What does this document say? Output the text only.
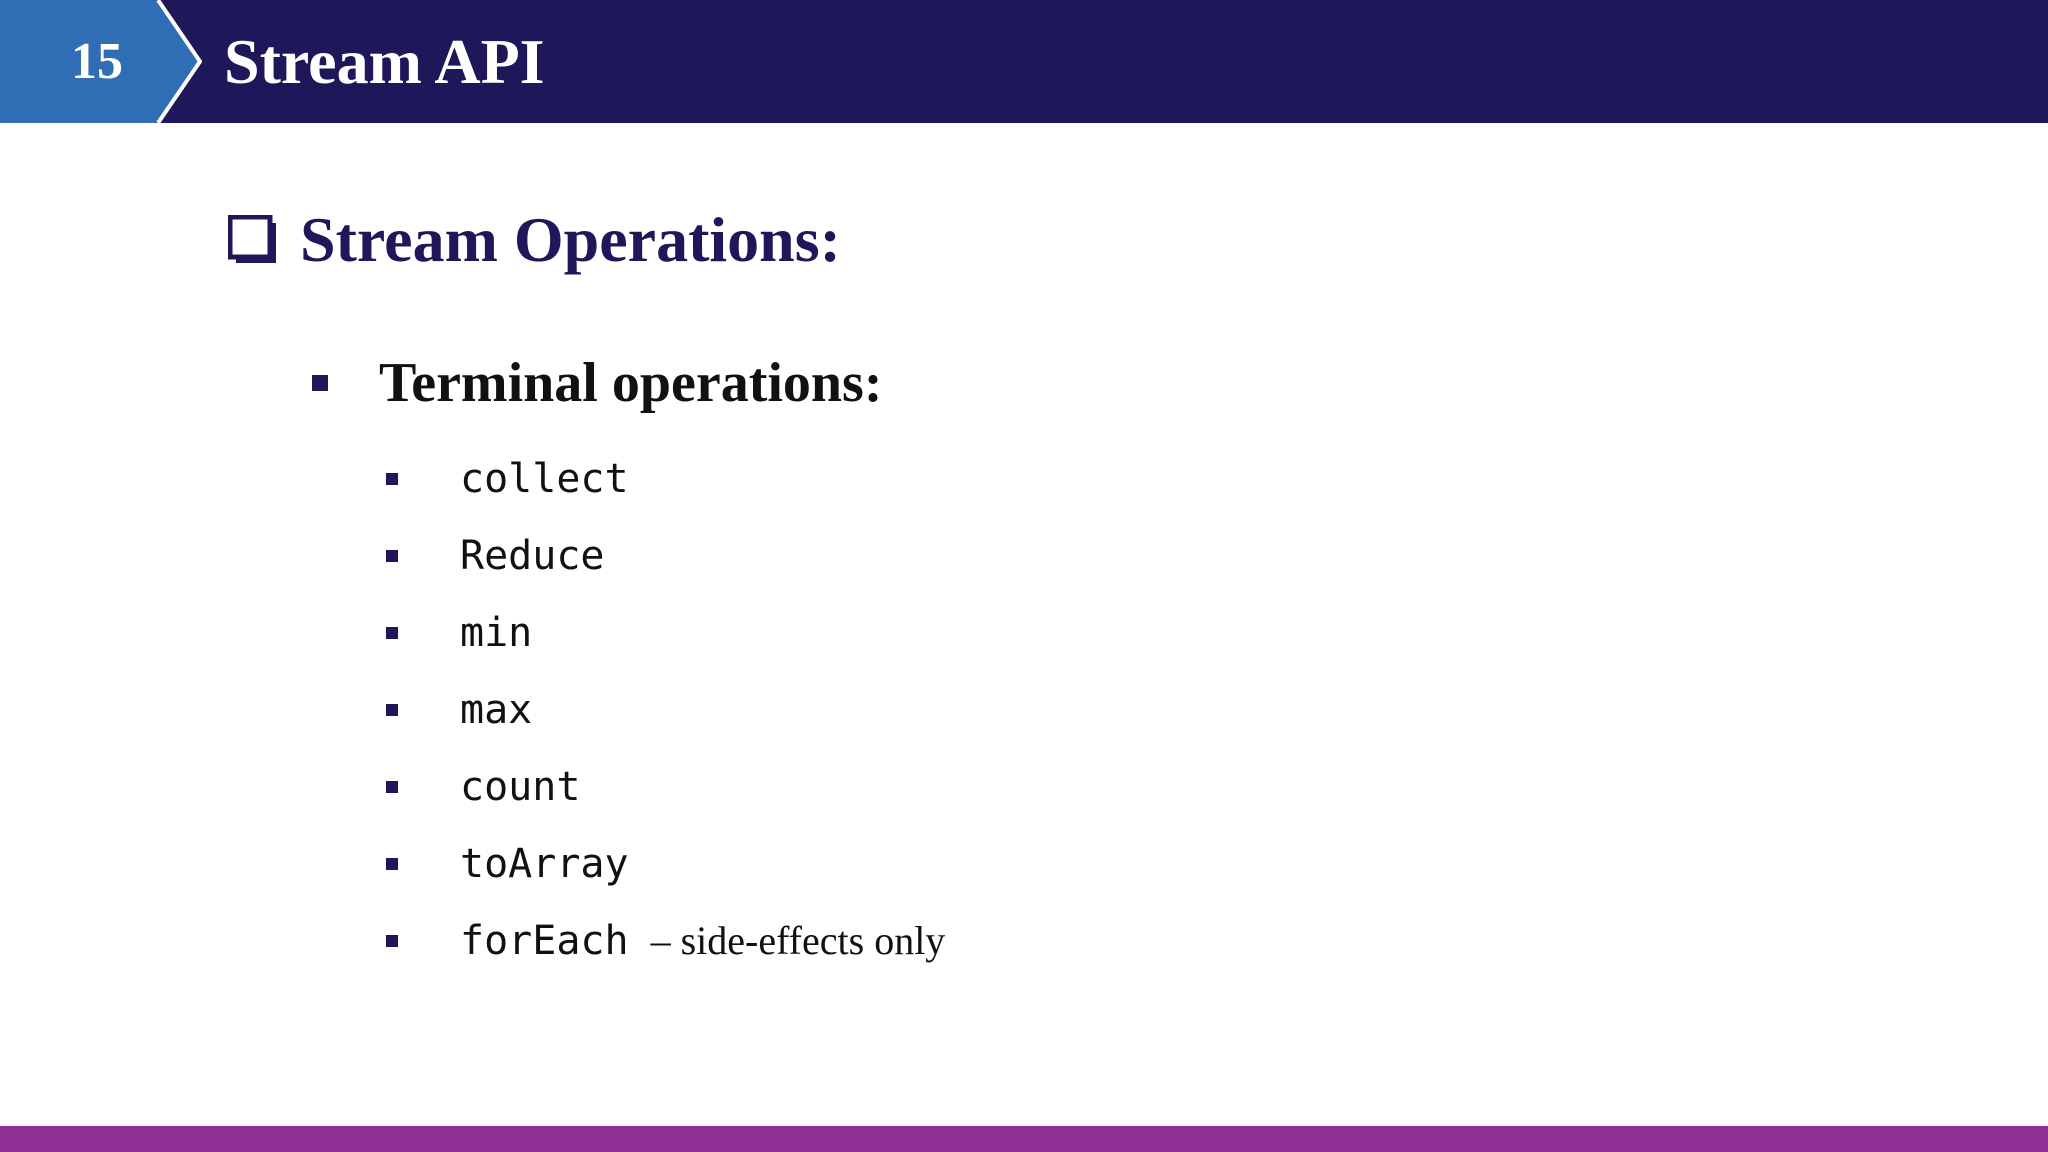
15	Stream API
Stream Operations:
Terminal operations:
collect
Reduce
min
max
count
toArray
forEach – side-effects only
